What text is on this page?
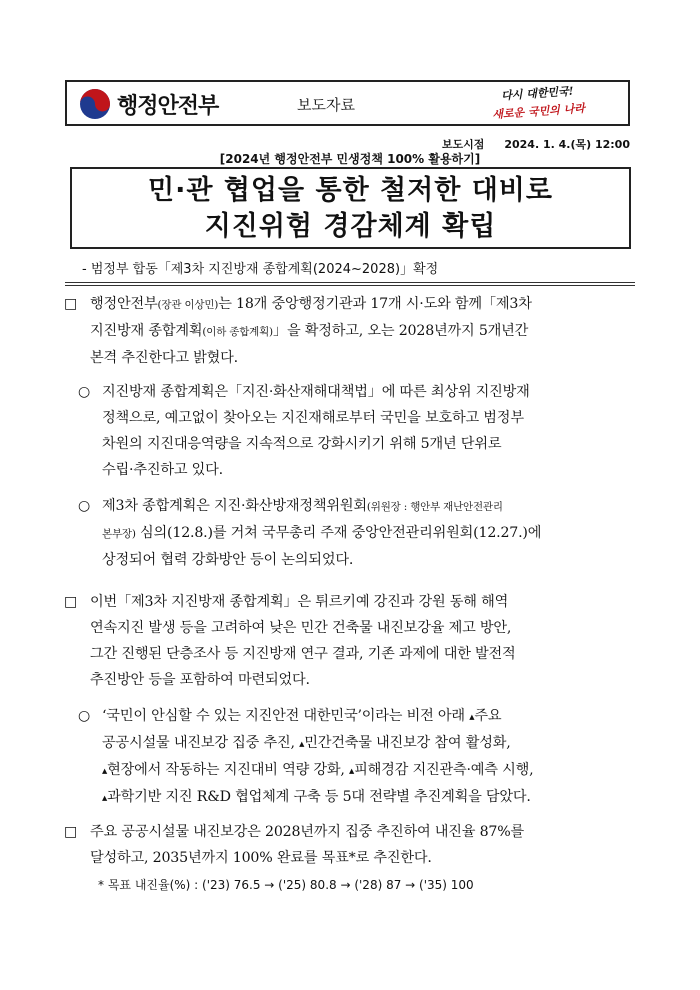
행정안전부	보도자료
다시 대한민국!
새로운 국민의 나라
보도시점 2024. 1. 4.(목) 12:00
[2024년 행정안전부 민생정책 100% 활용하기]
민·관 협업을 통한 철저한 대비로
지진위험 경감체계 확립
- 범정부 합동「제3차 지진방재 종합계획(2024~2028)」확정
□ 행정안전부(장관 이상민)는 18개 중앙행정기관과 17개 시·도와 함께「제3차
지진방재 종합계획(이하 종합계획)」을 확정하고, 오는 2028년까지 5개년간
본격 추진한다고 밝혔다.
○ 지진방재 종합계획은「지진·화산재해대책법」에 따른 최상위 지진방재
정책으로, 예고없이 찾아오는 지진재해로부터 국민을 보호하고 범정부
차원의 지진대응역량을 지속적으로 강화시키기 위해 5개년 단위로
수립·추진하고 있다.
○ 제3차 종합계획은 지진·화산방재정책위원회(위원장 : 행안부 재난안전관리
본부장) 심의(12.8.)를 거쳐 국무총리 주재 중앙안전관리위원회(12.27.)에
상정되어 협력 강화방안 등이 논의되었다.
□ 이번「제3차 지진방재 종합계획」은 튀르키예 강진과 강원 동해 해역
연속지진 발생 등을 고려하여 낮은 민간 건축물 내진보강율 제고 방안,
그간 진행된 단층조사 등 지진방재 연구 결과, 기존 과제에 대한 발전적
추진방안 등을 포함하여 마련되었다.
○ ‘국민이 안심할 수 있는 지진안전 대한민국’이라는 비전 아래 ▴주요
공공시설물 내진보강 집중 추진, ▴민간건축물 내진보강 참여 활성화,
▴현장에서 작동하는 지진대비 역량 강화, ▴피해경감 지진관측·예측 시행,
▴과학기반 지진 R&D 협업체계 구축 등 5대 전략별 추진계획을 담았다.
□ 주요 공공시설물 내진보강은 2028년까지 집중 추진하여 내진율 87%를
달성하고, 2035년까지 100% 완료를 목표*로 추진한다.
* 목표 내진율(%) : ('23) 76.5 → ('25) 80.8 → ('28) 87 → ('35) 100
